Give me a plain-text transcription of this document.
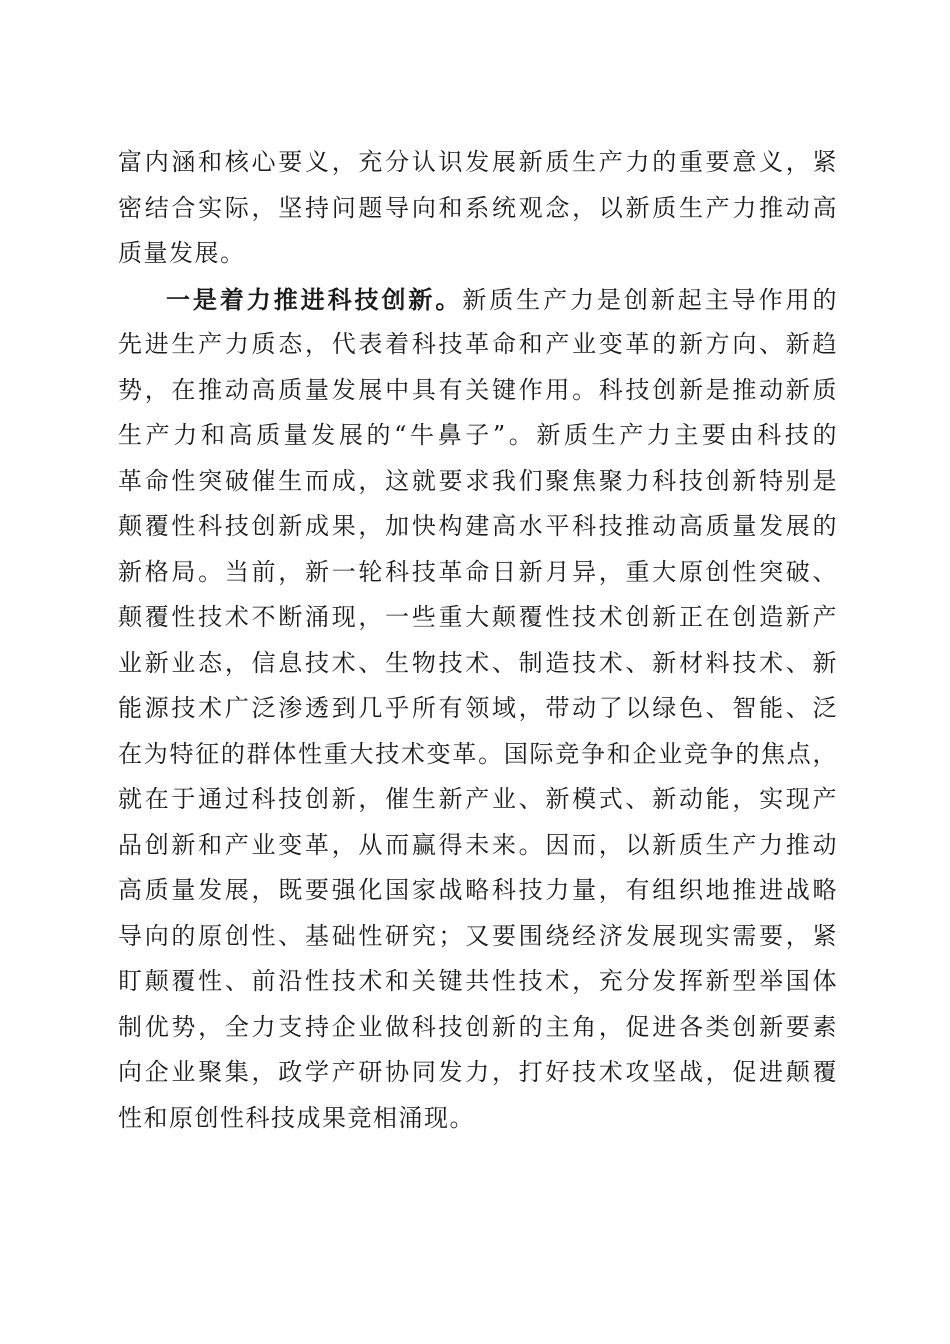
富内涵和核心要义，充分认识发展新质生产力的重要意义，紧
密结合实际，坚持问题导向和系统观念，以新质生产力推动高
质量发展。
一是着力推进科技创新。新质生产力是创新起主导作用的
先进生产力质态，代表着科技革命和产业变革的新方向、新趋
势，在推动高质量发展中具有关键作用。科技创新是推动新质
生产力和高质量发展的“牛鼻子”。新质生产力主要由科技的
革命性突破催生而成，这就要求我们聚焦聚力科技创新特别是
颠覆性科技创新成果，加快构建高水平科技推动高质量发展的
新格局。当前，新一轮科技革命日新月异，重大原创性突破、
颠覆性技术不断涌现，一些重大颠覆性技术创新正在创造新产
业新业态，信息技术、生物技术、制造技术、新材料技术、新
能源技术广泛渗透到几乎所有领域，带动了以绿色、智能、泛
在为特征的群体性重大技术变革。国际竞争和企业竞争的焦点，
就在于通过科技创新，催生新产业、新模式、新动能，实现产
品创新和产业变革，从而赢得未来。因而，以新质生产力推动
高质量发展，既要强化国家战略科技力量，有组织地推进战略
导向的原创性、基础性研究；又要围绕经济发展现实需要，紧
盯颠覆性、前沿性技术和关键共性技术，充分发挥新型举国体
制优势，全力支持企业做科技创新的主角，促进各类创新要素
向企业聚集，政学产研协同发力，打好技术攻坚战，促进颠覆
性和原创性科技成果竞相涌现。
